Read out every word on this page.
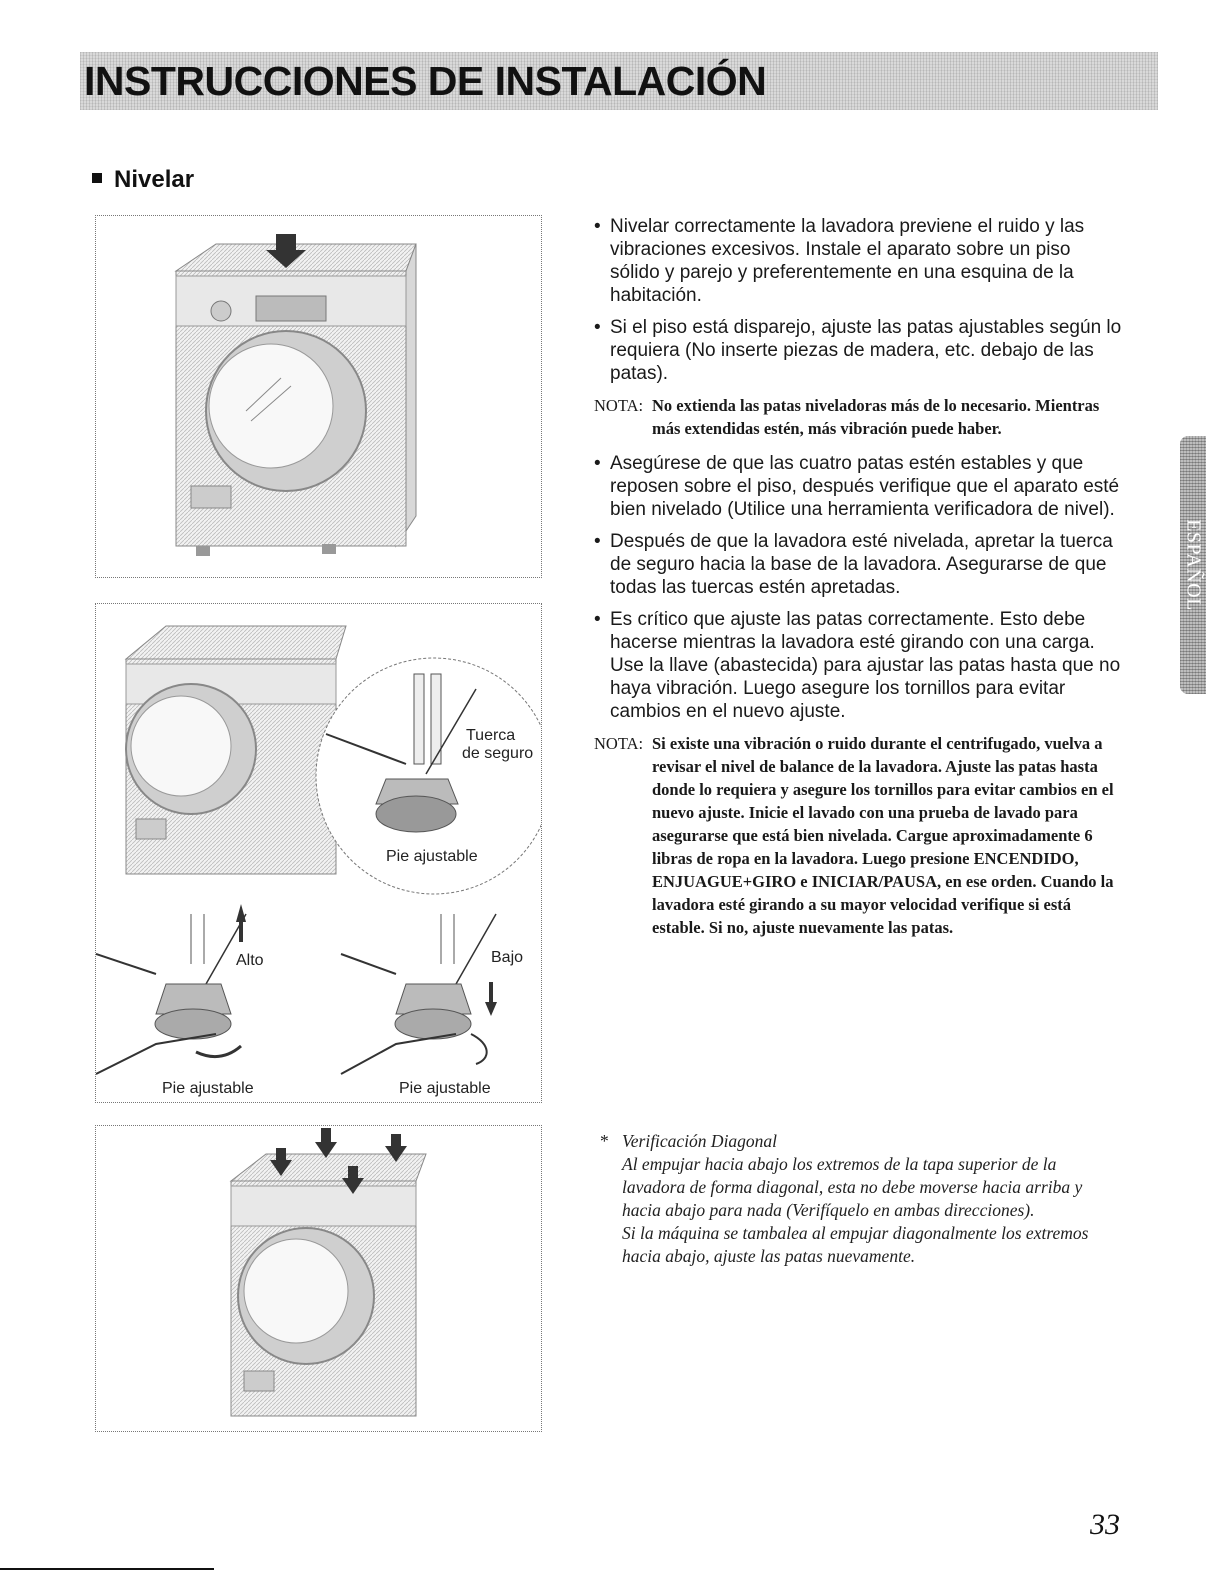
INSTRUCCIONES DE INSTALACIÓN
Nivelar
Tuerca
de seguro
Pie ajustable
Alto	Bajo
Pie ajustable	Pie ajustable

• Nivelar correctamente la lavadora previene el ruido y las vibraciones excesivos. Instale el aparato sobre un piso sólido y parejo y preferentemente en una esquina de la habitación.

• Si el piso está disparejo, ajuste las patas ajustables según lo requiera (No inserte piezas de madera, etc. debajo de las patas).

NOTA: No extienda las patas niveladoras más de lo necesario. Mientras más extendidas estén, más vibración puede haber.

• Asegúrese de que las cuatro patas estén estables y que reposen sobre el piso, después verifique que el aparato esté bien nivelado (Utilice una herramienta verificadora de nivel).

• Después de que la lavadora esté nivelada, apretar la tuerca de seguro hacia la base de la lavadora. Asegurarse de que todas las tuercas estén apretadas.

• Es crítico que ajuste las patas correctamente. Esto debe hacerse mientras la lavadora esté girando con una carga. Use la llave (abastecida) para ajustar las patas hasta que no haya vibración. Luego asegure los tornillos para evitar cambios en el nuevo ajuste.

NOTA: Si existe una vibración o ruido durante el centrifugado, vuelva a revisar el nivel de balance de la lavadora. Ajuste las patas hasta donde lo requiera y asegure los tornillos para evitar cambios en el nuevo ajuste. Inicie el lavado con una prueba de lavado para asegurarse que está bien nivelada. Cargue aproximadamente 6 libras de ropa en la lavadora. Luego presione ENCENDIDO, ENJUAGUE+GIRO e INICIAR/PAUSA, en ese orden. Cuando la lavadora esté girando a su mayor velocidad verifique si está estable. Si no, ajuste nuevamente las patas.

* Verificación Diagonal
Al empujar hacia abajo los extremos de la tapa superior de la lavadora de forma diagonal, esta no debe moverse hacia arriba y hacia abajo para nada (Verifíquelo en ambas direcciones).
Si la máquina se tambalea al empujar diagonalmente los extremos hacia abajo, ajuste las patas nuevamente.
ESPAÑOL
33
